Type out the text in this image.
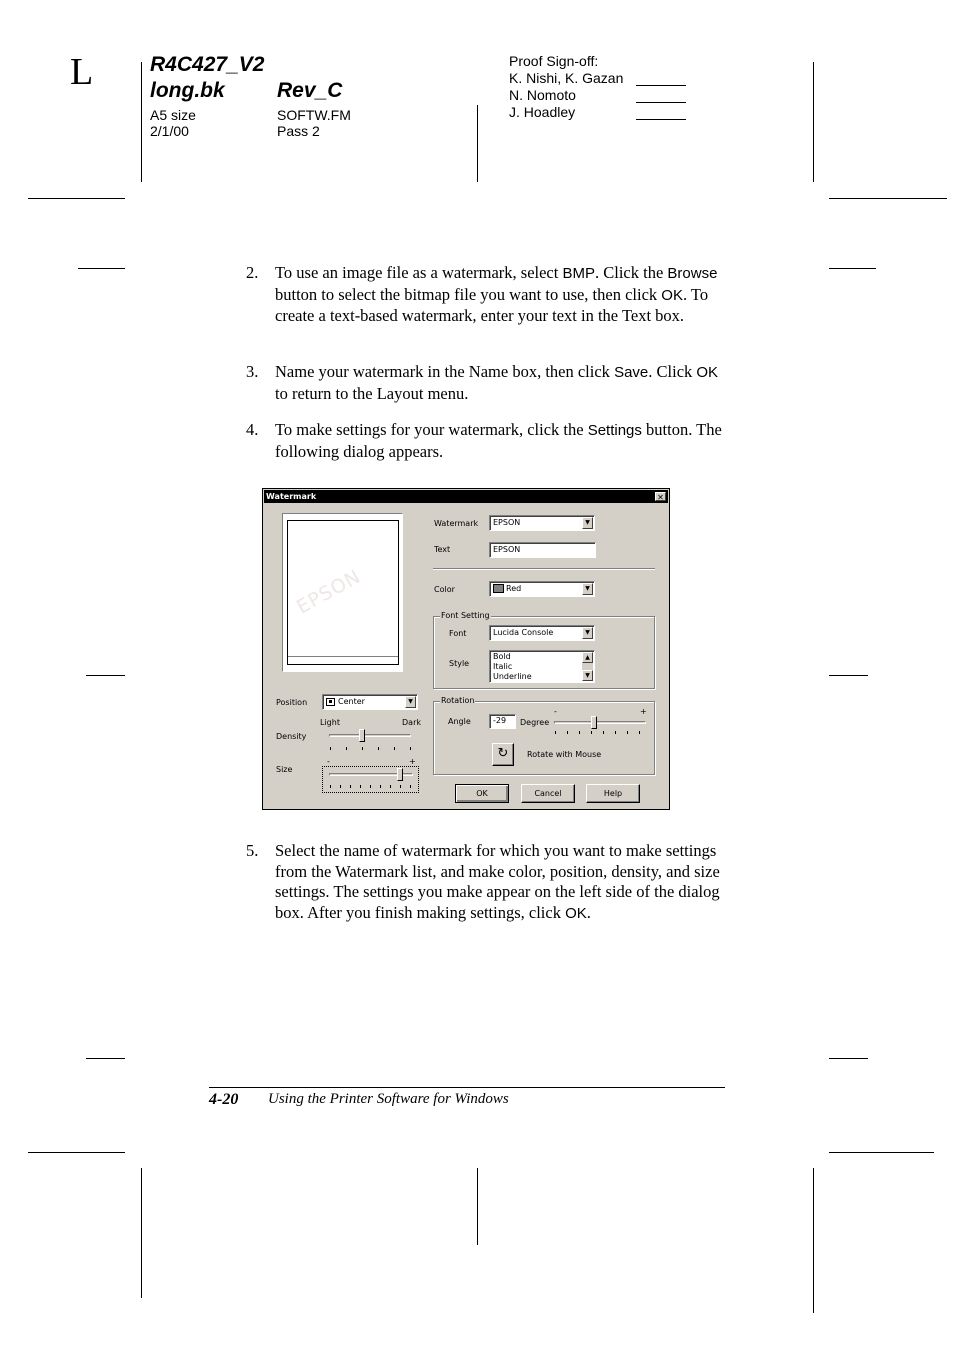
L	R4C427_V2
long.bk Rev_C
A5 size
2/1/00
SOFTW.FM
Pass 2
Proof Sign-off:
K. Nishi, K. Gazan
N. Nomoto
J. Hoadley
2. To use an image file as a watermark, select BMP. Click the Browse button to select the bitmap file you want to use, then click OK. To create a text-based watermark, enter your text in the Text box.
3. Name your watermark in the Name box, then click Save. Click OK to return to the Layout menu.
4. To make settings for your watermark, click the Settings button. The following dialog appears.
5. Select the name of watermark for which you want to make settings from the Watermark list, and make color, position, density, and size settings. The settings you make appear on the left side of the dialog box. After you finish making settings, click OK.
Watermark	✕
EPSON
Watermark	EPSON	▼
Text	EPSON
Color	Red	▼
Font Setting
Font	Lucida Console	▼
Style
Bold
Italic
Underline
▲
▼
Rotation
Angle	-29	Degree
-	+
↻	Rotate with Mouse
Position	Center	▼
Light	Dark
Density
Size
-	+
OK	Cancel	Help
4-20 Using the Printer Software for Windows
